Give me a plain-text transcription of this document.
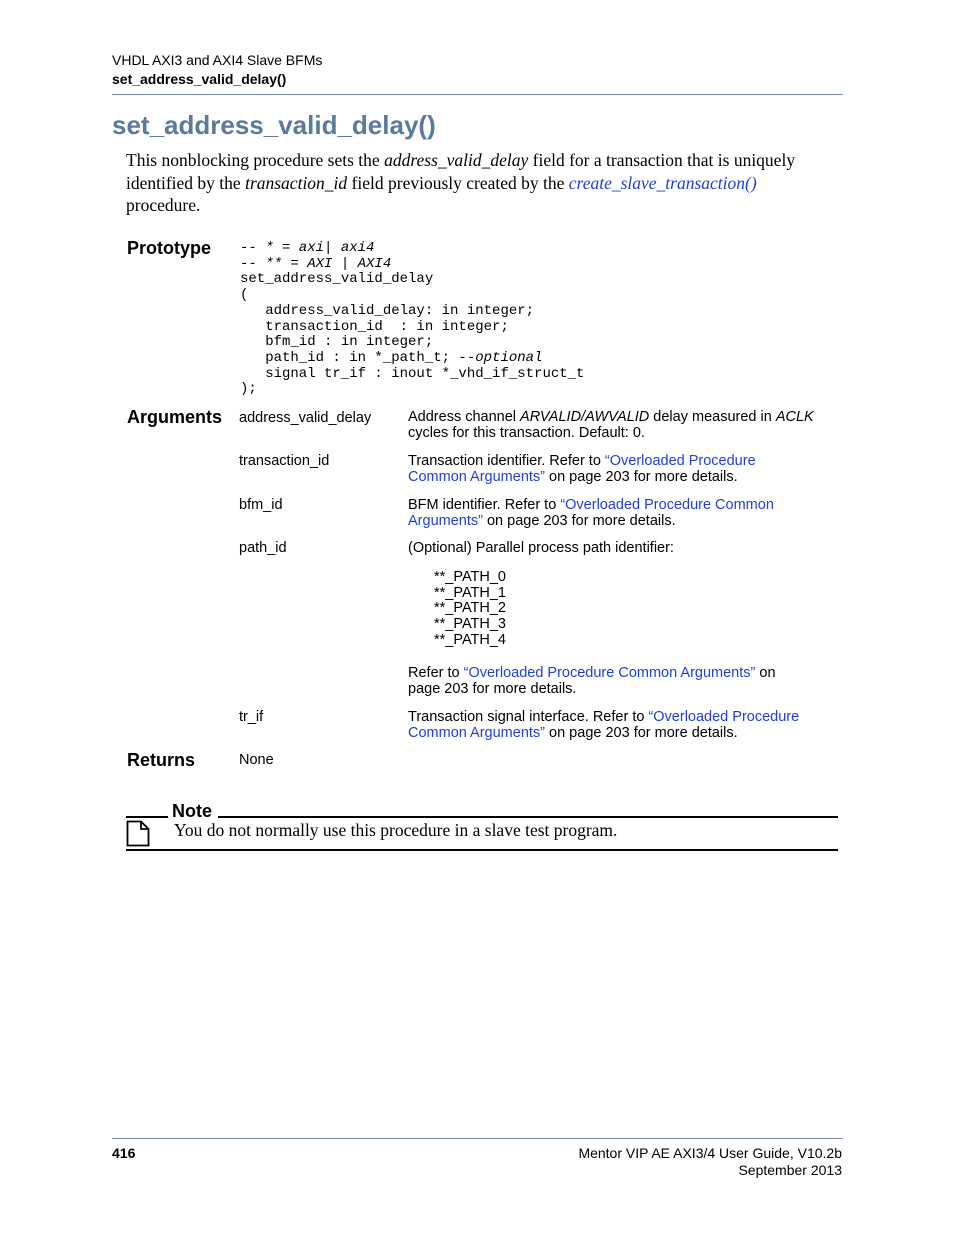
VHDL AXI3 and AXI4 Slave BFMs
set_address_valid_delay()
set_address_valid_delay()
This nonblocking procedure sets the address_valid_delay field for a transaction that is uniquely identified by the transaction_id field previously created by the create_slave_transaction()
procedure.
Prototype -- * = axi| axi4
-- ** = AXI | AXI4
set_address_valid_delay
(
address_valid_delay: in integer;
transaction_id  : in integer;
bfm_id : in integer;
path_id : in *_path_t; --optional
signal tr_if : inout *_vhd_if_struct_t
);
Arguments address_valid_delay	Address channel ARVALID/AWVALID delay measured in ACLK
cycles for this transaction. Default: 0.
transaction_id	Transaction identifier. Refer to “Overloaded Procedure
Common Arguments” on page 203 for more details.
bfm_id	BFM identifier. Refer to “Overloaded Procedure Common
Arguments” on page 203 for more details.
path_id	(Optional) Parallel process path identifier:
**_PATH_0
**_PATH_1
**_PATH_2
**_PATH_3
**_PATH_4
Refer to “Overloaded Procedure Common Arguments” on
page 203 for more details.
tr_if	Transaction signal interface. Refer to “Overloaded Procedure
Common Arguments” on page 203 for more details.
Returns	None
Note
You do not normally use this procedure in a slave test program.
416	Mentor VIP AE AXI3/4 User Guide, V10.2b
September 2013
